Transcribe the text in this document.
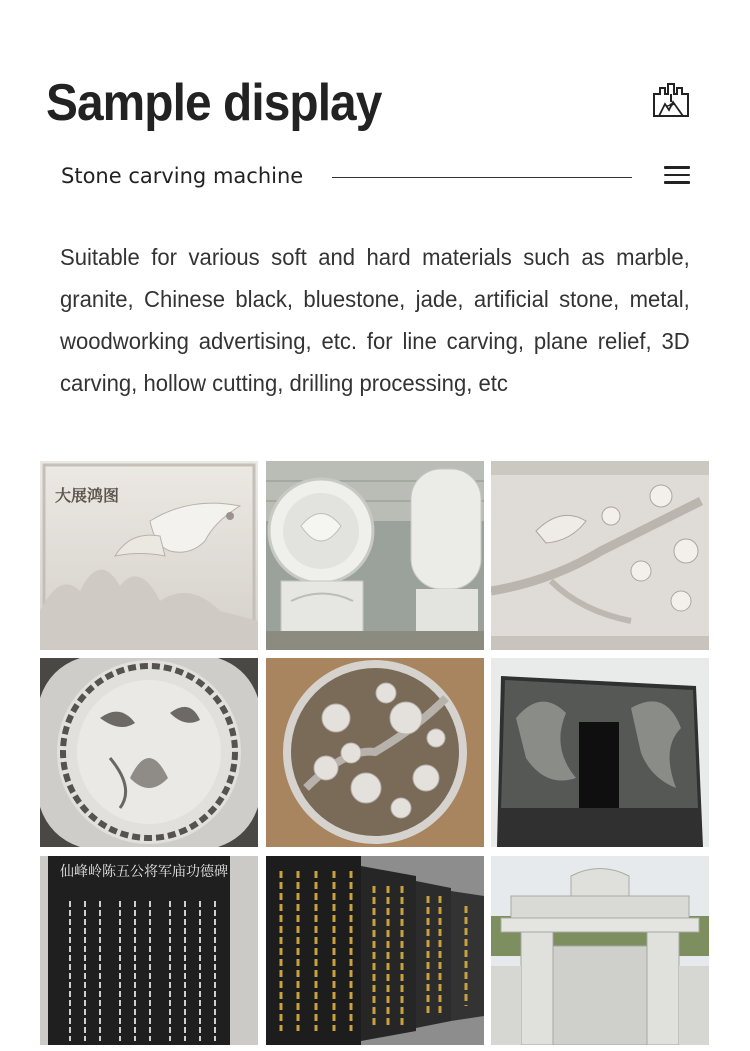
Sample display
Stone carving machine
Suitable for various soft and hard materials such as marble, granite, Chinese black, bluestone, jade, artificial stone, metal, woodworking advertising, etc. for line carving, plane relief, 3D carving, hollow cutting, drilling processing, etc
大展鸿图
仙峰岭陈五公将军庙功德碑
